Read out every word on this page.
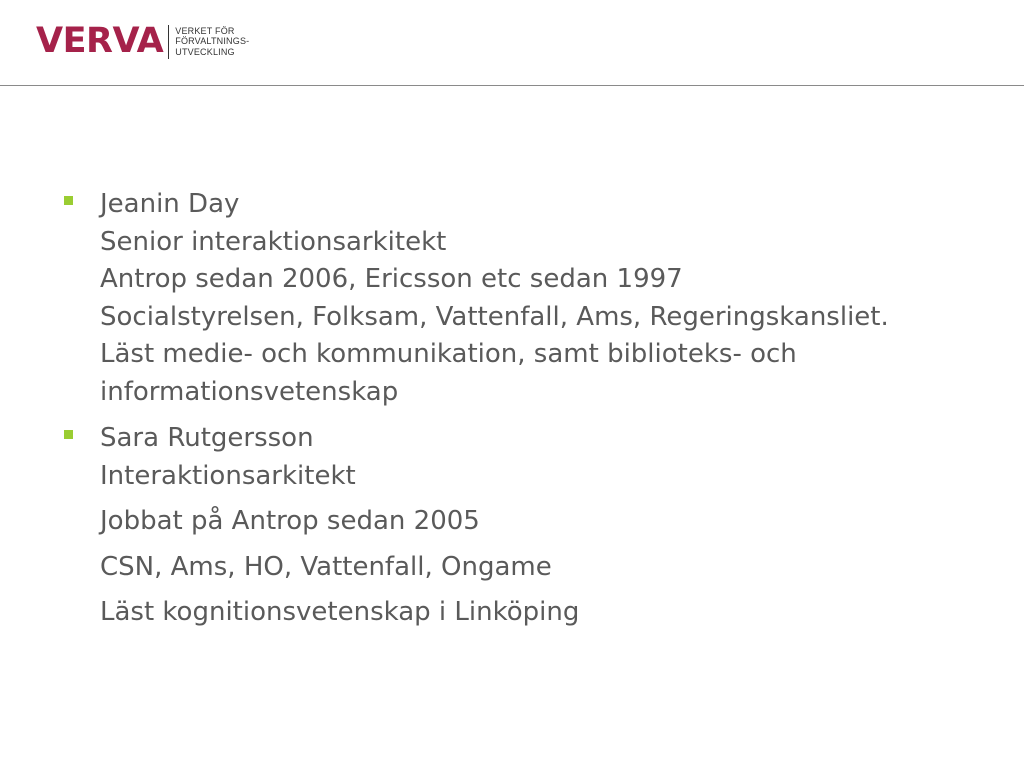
VERVA VERKET FÖR
FÖRVALTNINGS-
UTVECKLING
Jeanin Day
Senior interaktionsarkitekt
Antrop sedan 2006, Ericsson etc sedan 1997
Socialstyrelsen, Folksam, Vattenfall, Ams, Regeringskansliet.
Läst medie- och kommunikation, samt biblioteks- och
informationsvetenskap
Sara Rutgersson
Interaktionsarkitekt
Jobbat på Antrop sedan 2005
CSN, Ams, HO, Vattenfall, Ongame
Läst kognitionsvetenskap i Linköping
